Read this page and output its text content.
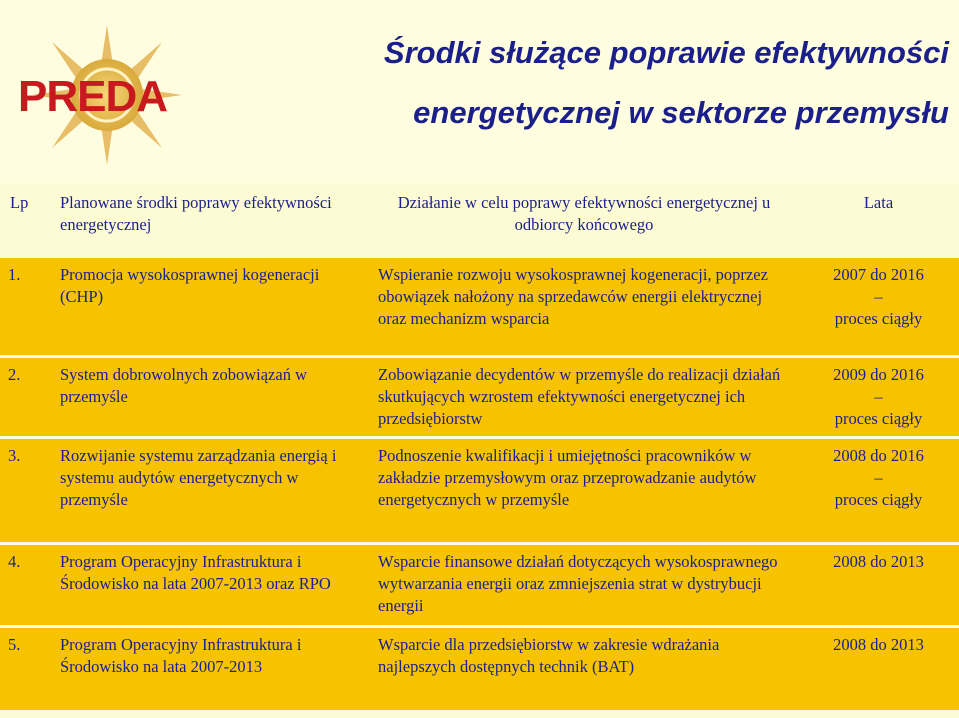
PREDA
Środki służące poprawie efektywności
energetycznej w sektorze przemysłu
Lp	Planowane środki poprawy efektywności energetycznej	Działanie w celu poprawy efektywności energetycznej u odbiorcy końcowego	Lata
1.	Promocja wysokosprawnej kogeneracji (CHP)	Wspieranie rozwoju wysokosprawnej kogeneracji, poprzez obowiązek nałożony na sprzedawców energii elektrycznej oraz mechanizm wsparcia	2007 do 2016
–
proces ciągły

2.	System dobrowolnych zobowiązań w przemyśle	Zobowiązanie decydentów w przemyśle do realizacji działań skutkujących wzrostem efektywności energetycznej ich przedsiębiorstw	2009 do 2016
–
proces ciągły

3.	Rozwijanie systemu zarządzania energią i systemu audytów energetycznych w przemyśle	Podnoszenie kwalifikacji i umiejętności pracowników w zakładzie przemysłowym oraz przeprowadzanie audytów energetycznych w przemyśle	2008 do 2016
–
proces ciągły

4.	Program Operacyjny Infrastruktura i Środowisko na lata 2007-2013 oraz RPO	Wsparcie finansowe działań dotyczących wysokosprawnego wytwarzania energii oraz zmniejszenia strat w dystrybucji energii	2008 do 2013

5.	Program Operacyjny Infrastruktura i Środowisko na lata 2007-2013	Wsparcie dla przedsiębiorstw w zakresie wdrażania najlepszych dostępnych technik (BAT)	2008 do 2013
